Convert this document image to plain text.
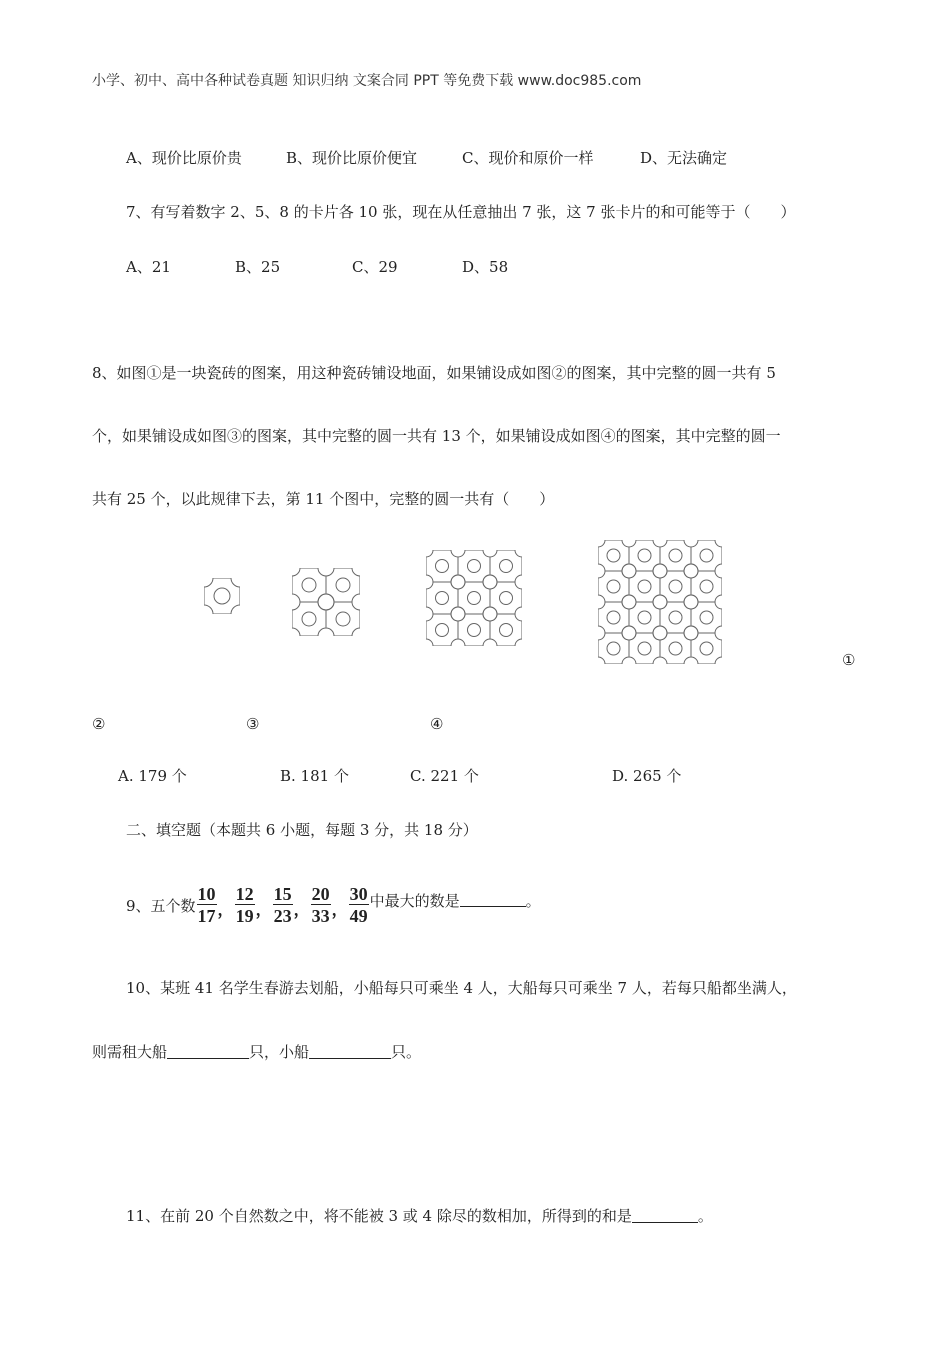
小学、初中、高中各种试卷真题 知识归纳 文案合同 PPT 等免费下载 www.doc985.com
A、现价比原价贵	B、现价比原价便宜	C、现价和原价一样	D、无法确定
7、有写着数字 2、5、8 的卡片各 10 张，现在从任意抽出 7 张，这 7 张卡片的和可能等于（　　）
A、21	B、25	C、29	D、58
8、如图①是一块瓷砖的图案，用这种瓷砖铺设地面，如果铺设成如图②的图案，其中完整的圆一共有 5
个，如果铺设成如图③的图案，其中完整的圆一共有 13 个，如果铺设成如图④的图案，其中完整的圆一
共有 25 个，以此规律下去，第 11 个图中，完整的圆一共有（　　）
①
②	③	④
A. 179 个	B. 181 个	C. 221 个	D. 265 个
二、填空题（本题共 6 小题，每题 3 分，共 18 分）
9、五个数 $\frac{10}{17}$ ， $\frac{12}{19}$ ， $\frac{15}{23}$ ， $\frac{20}{33}$ ， $\frac{30}{49}$ 中最大的数是	。
10、某班 41 名学生春游去划船，小船每只可乘坐 4 人，大船每只可乘坐 7 人，若每只船都坐满人，
则需租大船	只，小船	只。
11、在前 20 个自然数之中，将不能被 3 或 4 除尽的数相加，所得到的和是	。
